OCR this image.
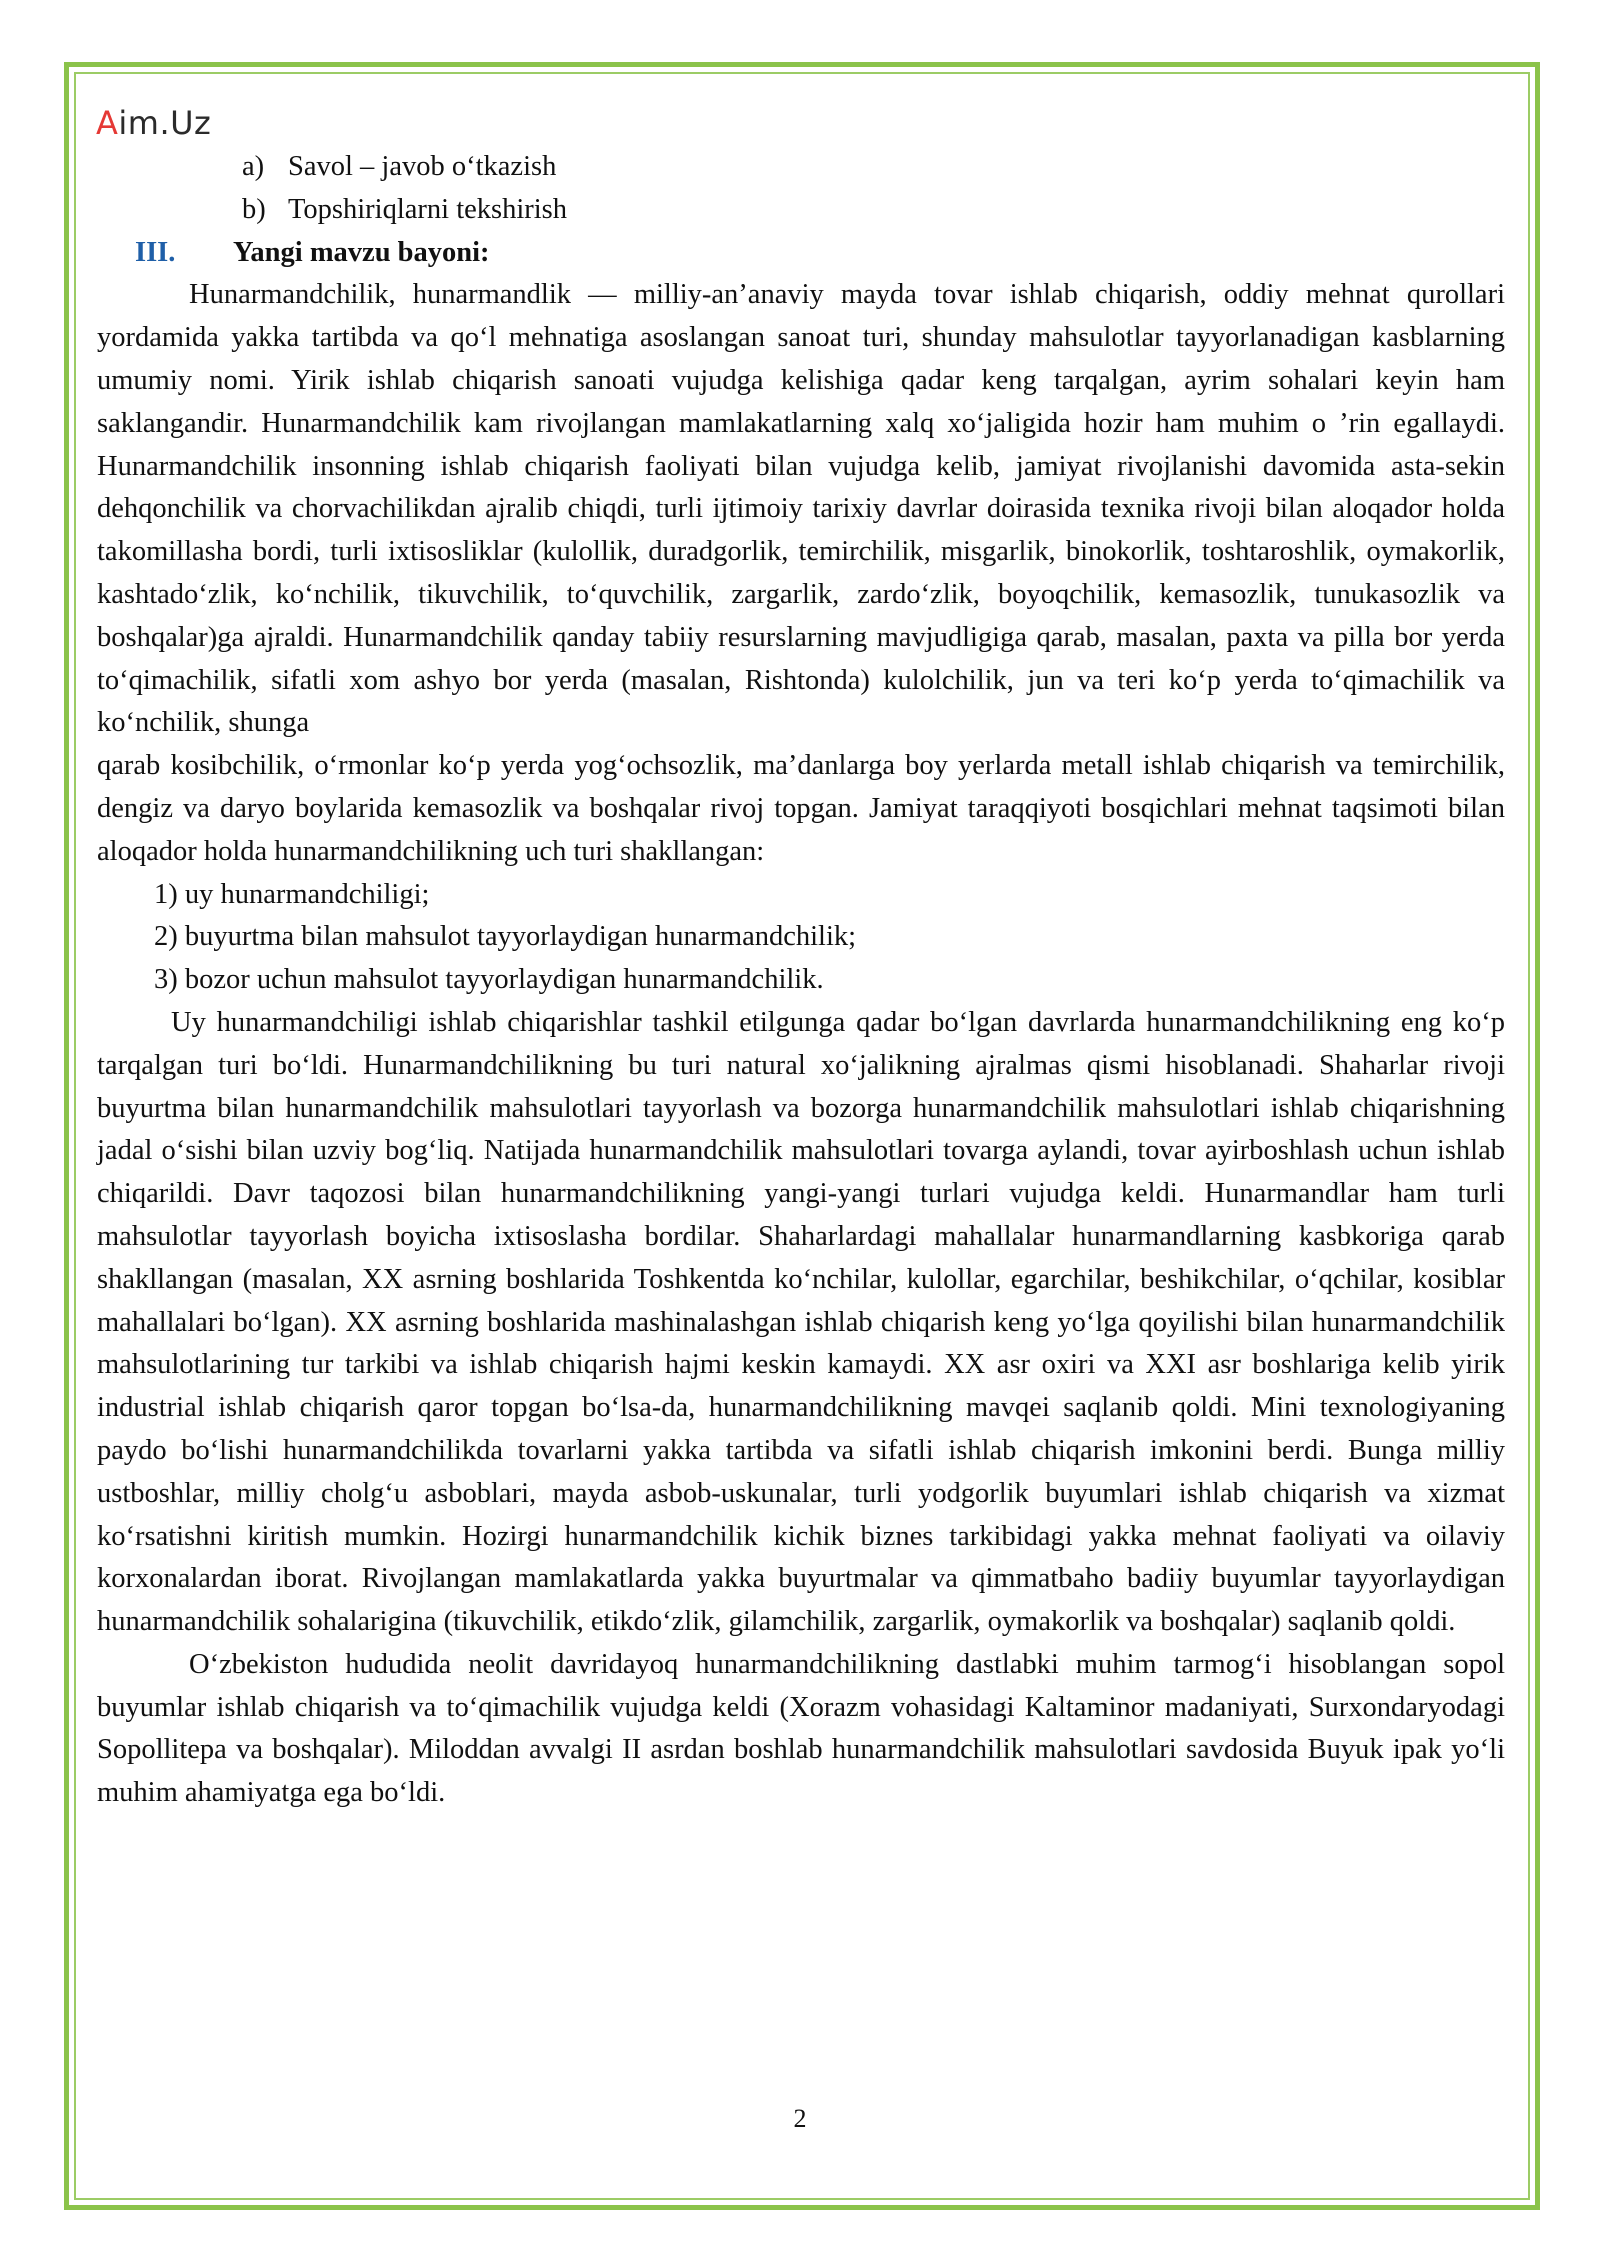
Aim.Uz
a) Savol – javob o‘tkazish
b) Topshiriqlarni tekshirish
III. Yangi mavzu bayoni:

Hunarmandchilik, hunarmandlik — milliy-an’anaviy mayda tovar ishlab chiqarish, oddiy mehnat qurollari yordamida yakka tartibda va qo‘l mehnatiga asoslangan sanoat turi, shunday mahsulotlar tayyorlanadigan kasblarning umumiy nomi. Yirik ishlab chiqarish sanoati vujudga kelishiga qadar keng tarqalgan, ayrim sohalari keyin ham saklangandir. Hunarmandchilik kam rivojlangan mamlakatlarning xalq xo‘jaligida hozir ham muhim o ’rin egallaydi. Hunarmandchilik insonning ishlab chiqarish faoliyati bilan vujudga kelib, jamiyat rivojlanishi davomida asta-sekin dehqonchilik va chorvachilikdan ajralib chiqdi, turli ijtimoiy tarixiy davrlar doirasida texnika rivoji bilan aloqador holda takomillasha bordi, turli ixtisosliklar (kulollik, duradgorlik, temirchilik, misgarlik, binokorlik, toshtaroshlik, oymakorlik, kashtado‘zlik, ko‘nchilik, tikuvchilik, to‘quvchilik, zargarlik, zardo‘zlik, boyoqchilik, kemasozlik, tunukasozlik va boshqalar)ga ajraldi. Hunarmandchilik qanday tabiiy resurslarning mavjudligiga qarab, masalan, paxta va pilla bor yerda to‘qimachilik, sifatli xom ashyo bor yerda (masalan, Rishtonda) kulolchilik, jun va teri ko‘p yerda to‘qimachilik va ko‘nchilik, shunga

qarab kosibchilik, o‘rmonlar ko‘p yerda yog‘ochsozlik, ma’danlarga boy yerlarda metall ishlab chiqarish va temirchilik, dengiz va daryo boylarida kemasozlik va boshqalar rivoj topgan. Jamiyat taraqqiyoti bosqichlari mehnat taqsimoti bilan aloqador holda hunarmandchilikning uch turi shakllangan:

1) uy hunarmandchiligi;
2) buyurtma bilan mahsulot tayyorlaydigan hunarmandchilik;
3) bozor uchun mahsulot tayyorlaydigan hunarmandchilik.

Uy hunarmandchiligi ishlab chiqarishlar tashkil etilgunga qadar bo‘lgan davrlarda hunarmandchilikning eng ko‘p tarqalgan turi bo‘ldi. Hunarmandchilikning bu turi natural xo‘jalikning ajralmas qismi hisoblanadi. Shaharlar rivoji buyurtma bilan hunarmandchilik mahsulotlari tayyorlash va bozorga hunarmandchilik mahsulotlari ishlab chiqarishning jadal o‘sishi bilan uzviy bog‘liq. Natijada hunarmandchilik mahsulotlari tovarga aylandi, tovar ayirboshlash uchun ishlab chiqarildi. Davr taqozosi bilan hunarmandchilikning yangi-yangi turlari vujudga keldi. Hunarmandlar ham turli mahsulotlar tayyorlash boyicha ixtisoslasha bordilar. Shaharlardagi mahallalar hunarmandlarning kasbkoriga qarab shakllangan (masalan, XX asrning boshlarida Toshkentda ko‘nchilar, kulollar, egarchilar, beshikchilar, o‘qchilar, kosiblar mahallalari bo‘lgan). XX asrning boshlarida mashinalashgan ishlab chiqarish keng yo‘lga qoyilishi bilan hunarmandchilik mahsulotlarining tur tarkibi va ishlab chiqarish hajmi keskin kamaydi. XX asr oxiri va XXI asr boshlariga kelib yirik industrial ishlab chiqarish qaror topgan bo‘lsa-da, hunarmandchilikning mavqei saqlanib qoldi. Mini texnologiyaning paydo bo‘lishi hunarmandchilikda tovarlarni yakka tartibda va sifatli ishlab chiqarish imkonini berdi. Bunga milliy ustboshlar, milliy cholg‘u asboblari, mayda asbob-uskunalar, turli yodgorlik buyumlari ishlab chiqarish va xizmat ko‘rsatishni kiritish mumkin. Hozirgi hunarmandchilik kichik biznes tarkibidagi yakka mehnat faoliyati va oilaviy korxonalardan iborat. Rivojlangan mamlakatlarda yakka buyurtmalar va qimmatbaho badiiy buyumlar tayyorlaydigan hunarmandchilik sohalarigina (tikuvchilik, etikdo‘zlik, gilamchilik, zargarlik, oymakorlik va boshqalar) saqlanib qoldi.

O‘zbekiston hududida neolit davridayoq hunarmandchilikning dastlabki muhim tarmog‘i hisoblangan sopol buyumlar ishlab chiqarish va to‘qimachilik vujudga keldi (Xorazm vohasidagi Kaltaminor madaniyati, Surxondaryodagi Sopollitepa va boshqalar). Miloddan avvalgi II asrdan boshlab hunarmandchilik mahsulotlari savdosida Buyuk ipak yo‘li muhim ahamiyatga ega bo‘ldi.

2
